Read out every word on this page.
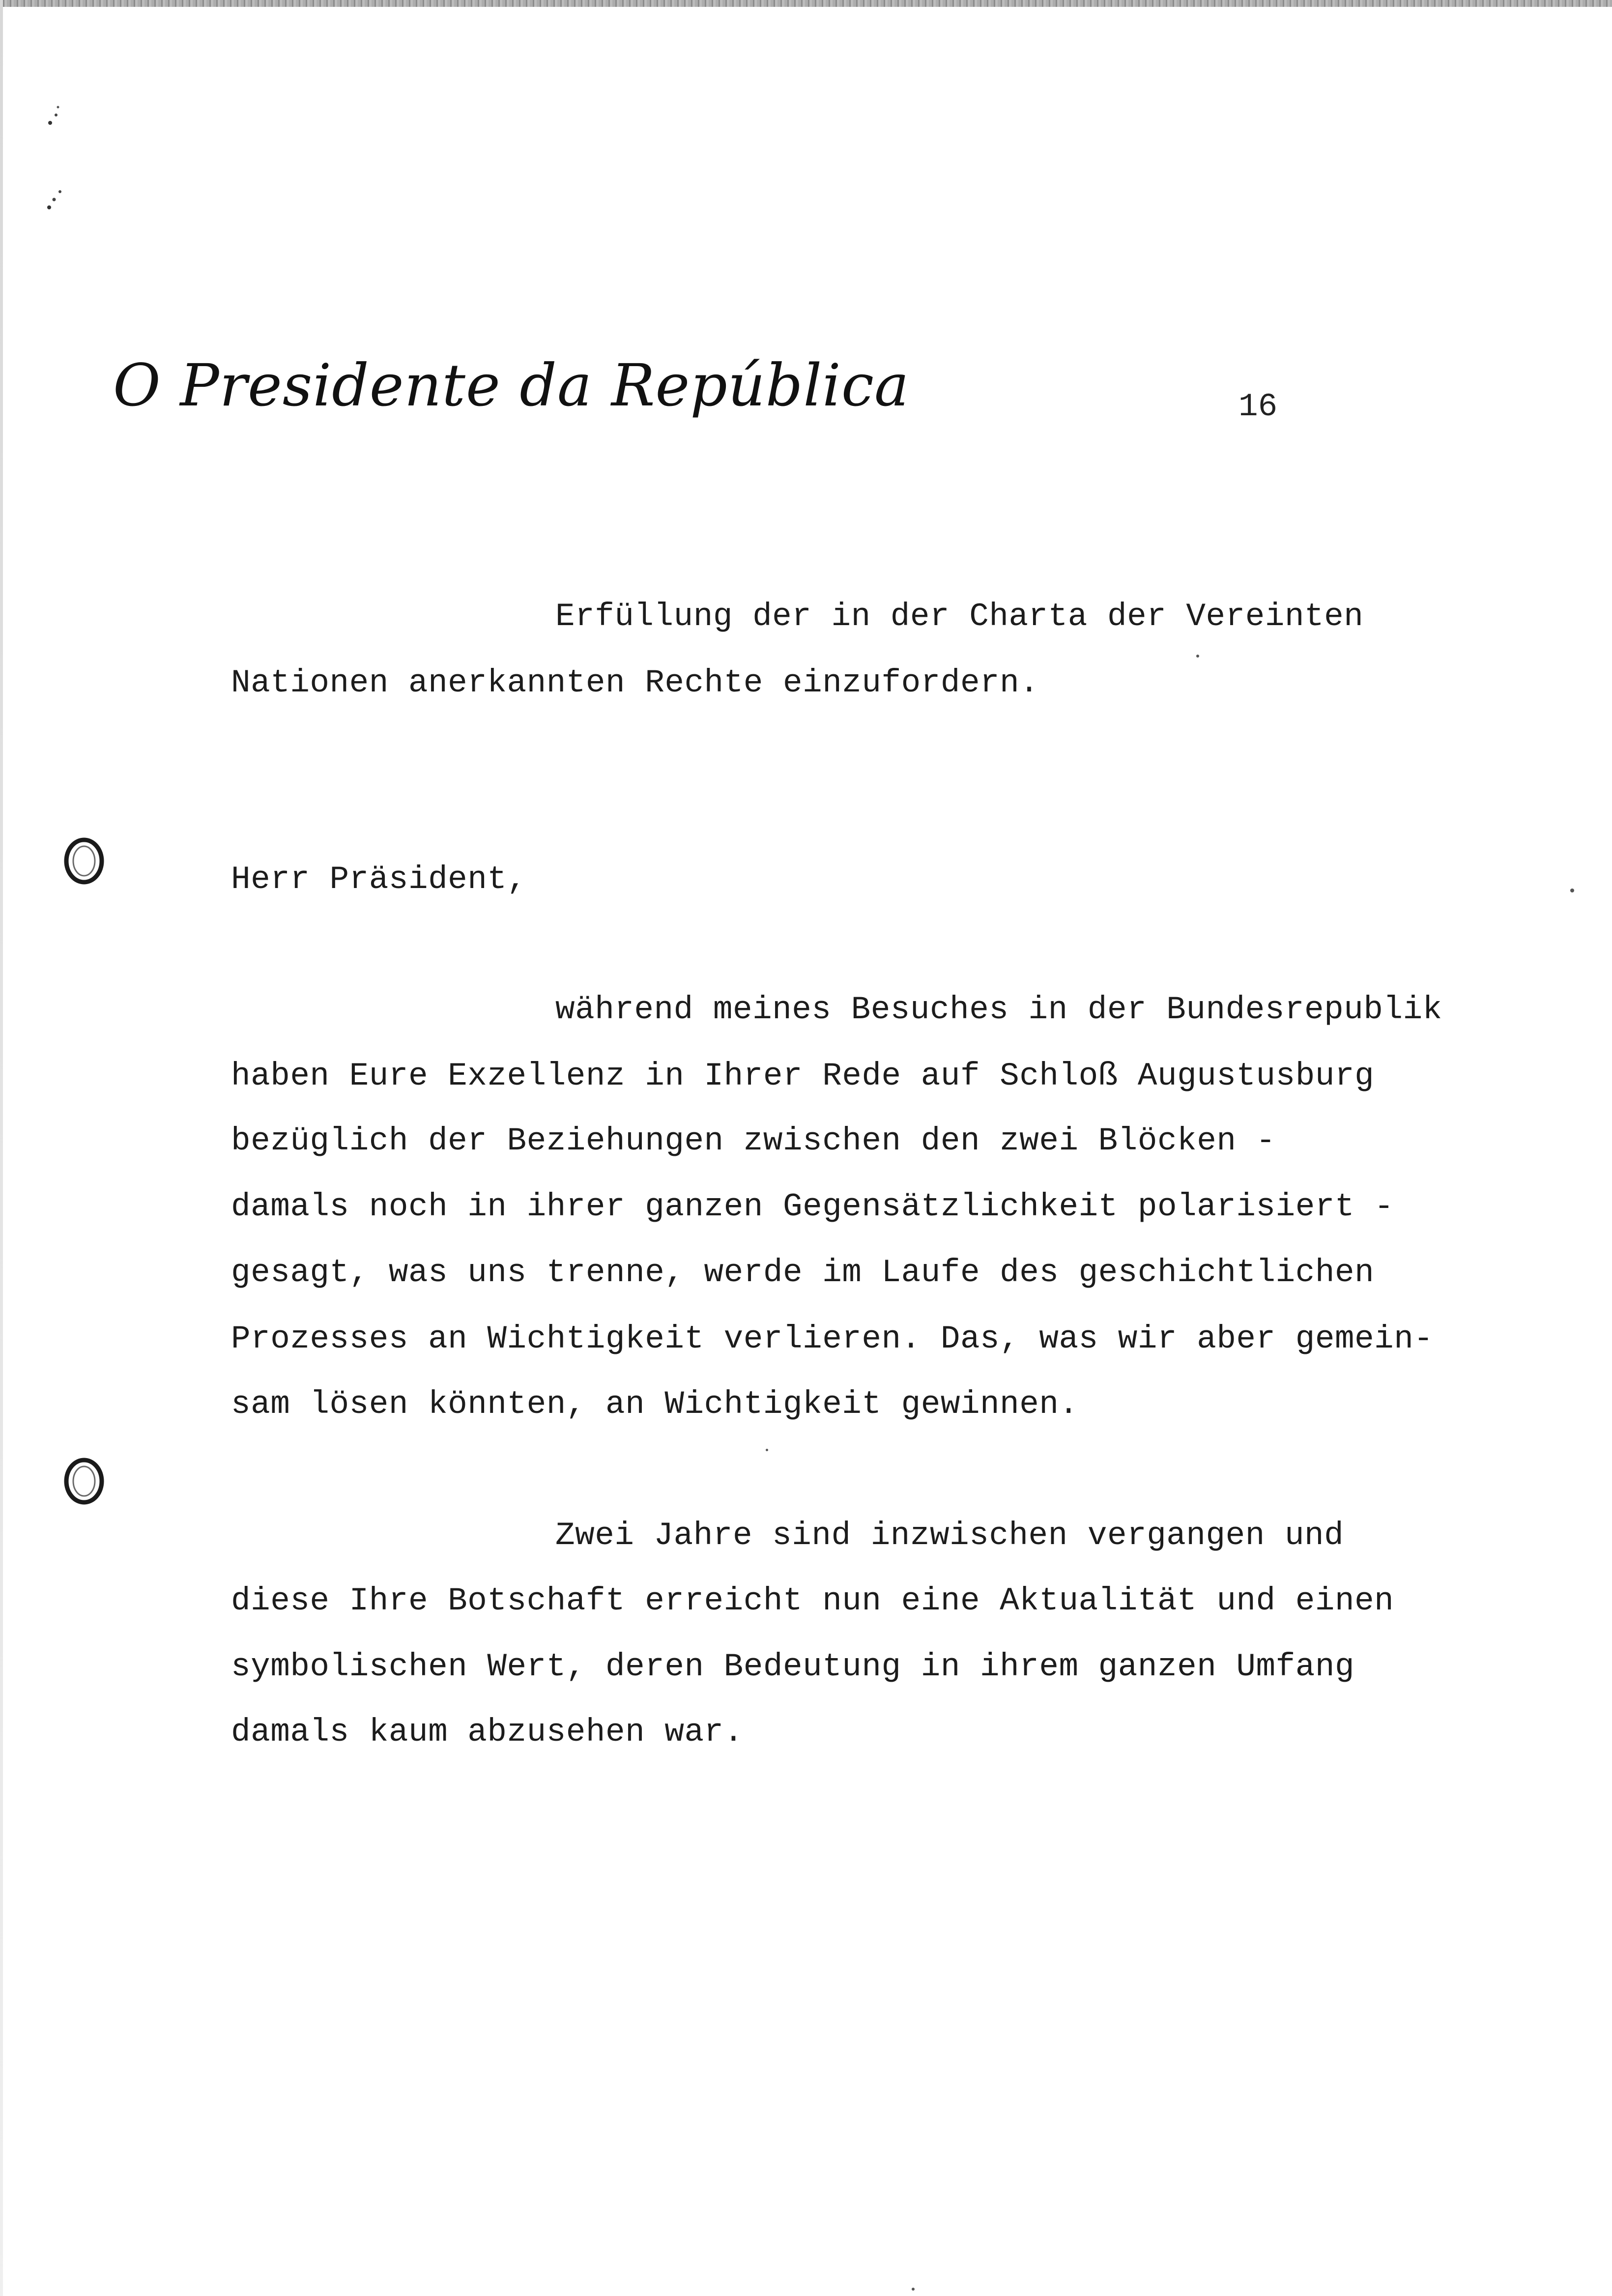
O Presidente da República	16
Erfüllung der in der Charta der Vereinten
Nationen anerkannten Rechte einzufordern.
Herr Präsident,
während meines Besuches in der Bundesrepublik
haben Eure Exzellenz in Ihrer Rede auf Schloß Augustusburg
bezüglich der Beziehungen zwischen den zwei Blöcken -
damals noch in ihrer ganzen Gegensätzlichkeit polarisiert -
gesagt, was uns trenne, werde im Laufe des geschichtlichen
Prozesses an Wichtigkeit verlieren. Das, was wir aber gemein-
sam lösen könnten, an Wichtigkeit gewinnen.
Zwei Jahre sind inzwischen vergangen und
diese Ihre Botschaft erreicht nun eine Aktualität und einen
symbolischen Wert, deren Bedeutung in ihrem ganzen Umfang
damals kaum abzusehen war.
